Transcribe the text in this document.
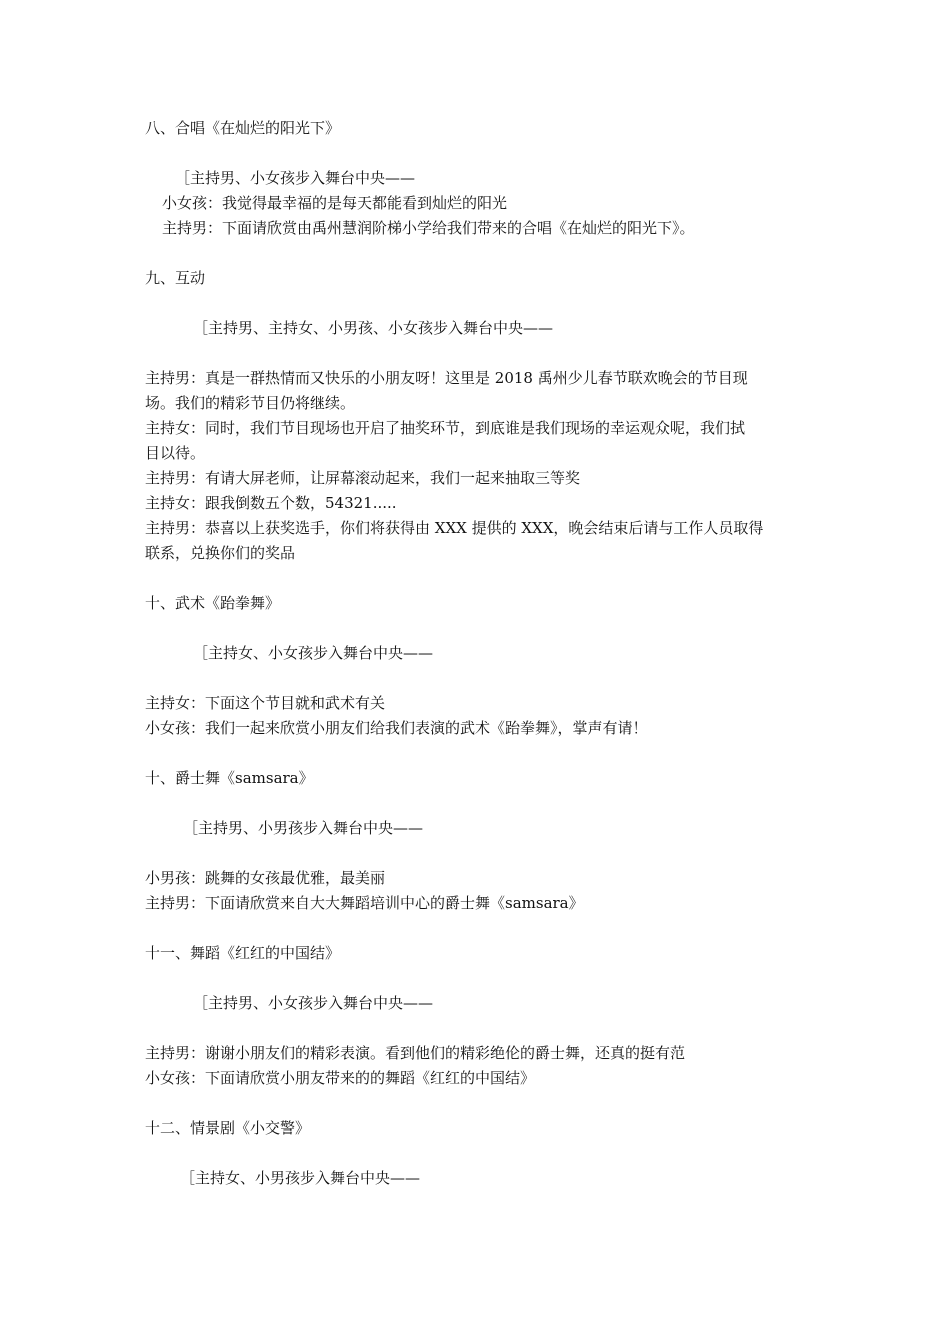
八、合唱《在灿烂的阳光下》
［主持男、小女孩步入舞台中央——
小女孩：我觉得最幸福的是每天都能看到灿烂的阳光
主持男：下面请欣赏由禹州慧润阶梯小学给我们带来的合唱《在灿烂的阳光下》。
九、互动
［主持男、主持女、小男孩、小女孩步入舞台中央——
主持男：真是一群热情而又快乐的小朋友呀！这里是 2018 禹州少儿春节联欢晚会的节目现
场。我们的精彩节目仍将继续。
主持女：同时，我们节目现场也开启了抽奖环节，到底谁是我们现场的幸运观众呢，我们拭
目以待。
主持男：有请大屏老师，让屏幕滚动起来，我们一起来抽取三等奖
主持女：跟我倒数五个数，54321.....
主持男：恭喜以上获奖选手，你们将获得由 XXX 提供的 XXX，晚会结束后请与工作人员取得
联系，兑换你们的奖品
十、武术《跆拳舞》
［主持女、小女孩步入舞台中央——
主持女：下面这个节目就和武术有关
小女孩：我们一起来欣赏小朋友们给我们表演的武术《跆拳舞》，掌声有请！
十、爵士舞《samsara》
［主持男、小男孩步入舞台中央——
小男孩：跳舞的女孩最优雅，最美丽
主持男：下面请欣赏来自大大舞蹈培训中心的爵士舞《samsara》
十一、舞蹈《红红的中国结》
［主持男、小女孩步入舞台中央——
主持男：谢谢小朋友们的精彩表演。看到他们的精彩绝伦的爵士舞，还真的挺有范
小女孩：下面请欣赏小朋友带来的的舞蹈《红红的中国结》
十二、情景剧《小交警》
［主持女、小男孩步入舞台中央——
